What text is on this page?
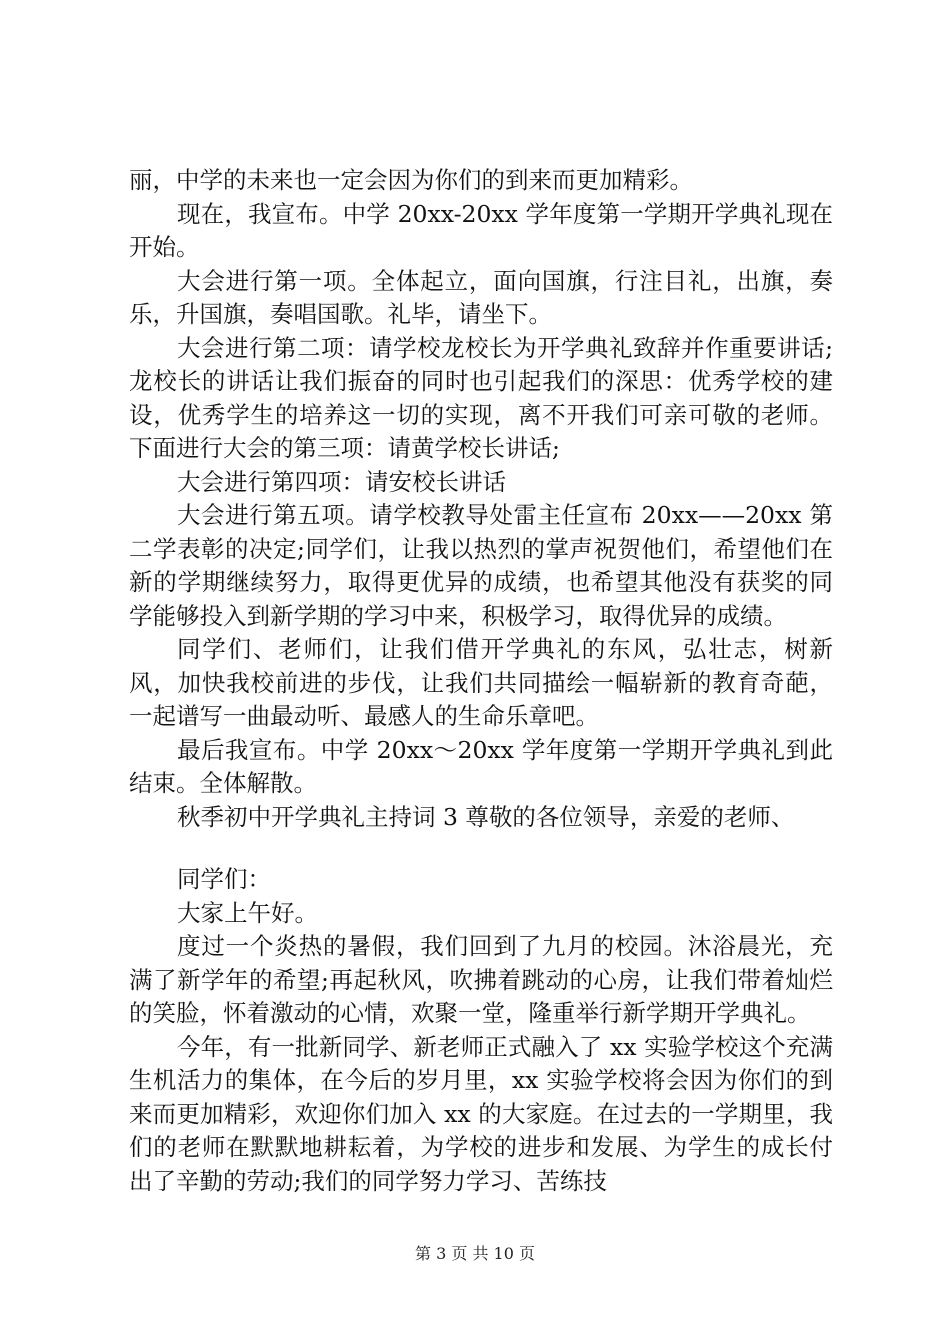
丽，中学的未来也一定会因为你们的到来而更加精彩。

现在，我宣布。中学 20xx-20xx 学年度第一学期开学典礼现在开始。

大会进行第一项。全体起立，面向国旗，行注目礼，出旗，奏乐，升国旗，奏唱国歌。礼毕，请坐下。

大会进行第二项：请学校龙校长为开学典礼致辞并作重要讲话;龙校长的讲话让我们振奋的同时也引起我们的深思：优秀学校的建设，优秀学生的培养这一切的实现，离不开我们可亲可敬的老师。下面进行大会的第三项：请黄学校长讲话;

大会进行第四项：请安校长讲话

大会进行第五项。请学校教导处雷主任宣布 20xx——20xx 第二学表彰的决定;同学们，让我以热烈的掌声祝贺他们，希望他们在新的学期继续努力，取得更优异的成绩，也希望其他没有获奖的同学能够投入到新学期的学习中来，积极学习，取得优异的成绩。

同学们、老师们，让我们借开学典礼的东风，弘壮志，树新风，加快我校前进的步伐，让我们共同描绘一幅崭新的教育奇葩，一起谱写一曲最动听、最感人的生命乐章吧。

最后我宣布。中学 20xx～20xx 学年度第一学期开学典礼到此结束。全体解散。

秋季初中开学典礼主持词 3 尊敬的各位领导，亲爱的老师、

同学们：

大家上午好。

度过一个炎热的暑假，我们回到了九月的校园。沐浴晨光，充满了新学年的希望;再起秋风，吹拂着跳动的心房，让我们带着灿烂的笑脸，怀着激动的心情，欢聚一堂，隆重举行新学期开学典礼。

今年，有一批新同学、新老师正式融入了 xx 实验学校这个充满生机活力的集体，在今后的岁月里，xx 实验学校将会因为你们的到来而更加精彩，欢迎你们加入 xx 的大家庭。在过去的一学期里，我们的老师在默默地耕耘着，为学校的进步和发展、为学生的成长付出了辛勤的劳动;我们的同学努力学习、苦练技

第 3 页 共 10 页
